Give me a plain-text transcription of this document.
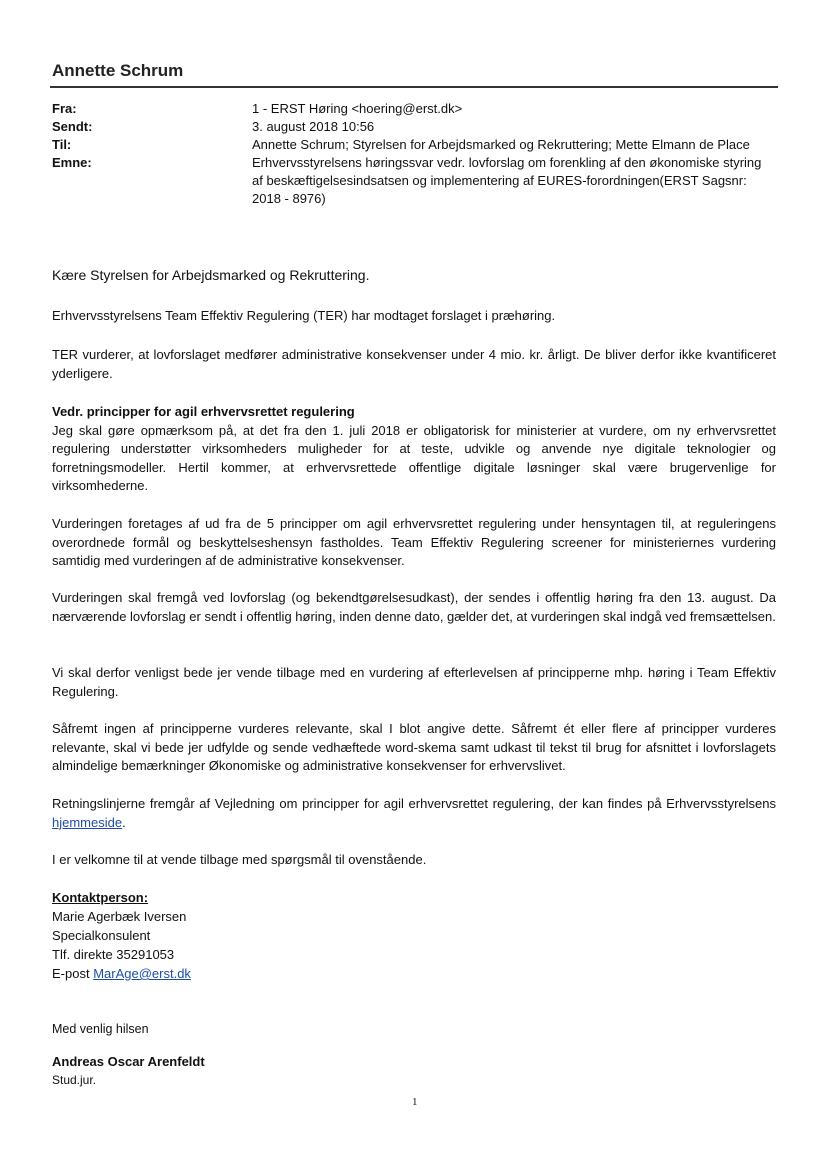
Annette Schrum
Fra:	1 - ERST Høring <hoering@erst.dk>
Sendt:	3. august 2018 10:56
Til:	Annette Schrum; Styrelsen for Arbejdsmarked og Rekruttering; Mette Elmann de Place
Emne:	Erhvervsstyrelsens høringssvar vedr. lovforslag om forenkling af den økonomiske styring af beskæftigelsesindsatsen og implementering af EURES-forordningen(ERST Sagsnr: 2018 - 8976)

Kære Styrelsen for Arbejdsmarked og Rekruttering.

Erhvervsstyrelsens Team Effektiv Regulering (TER) har modtaget forslaget i præhøring.

TER vurderer, at lovforslaget medfører administrative konsekvenser under 4 mio. kr. årligt. De bliver derfor ikke kvantificeret yderligere.

Vedr. principper for agil erhvervsrettet regulering

Jeg skal gøre opmærksom på, at det fra den 1. juli 2018 er obligatorisk for ministerier at vurdere, om ny erhvervsrettet regulering understøtter virksomheders muligheder for at teste, udvikle og anvende nye digitale teknologier og forretningsmodeller. Hertil kommer, at erhvervsrettede offentlige digitale løsninger skal være brugervenlige for virksomhederne.

Vurderingen foretages af ud fra de 5 principper om agil erhvervsrettet regulering under hensyntagen til, at reguleringens overordnede formål og beskyttelseshensyn fastholdes. Team Effektiv Regulering screener for ministeriernes vurdering samtidig med vurderingen af de administrative konsekvenser.

Vurderingen skal fremgå ved lovforslag (og bekendtgørelsesudkast), der sendes i offentlig høring fra den 13. august. Da nærværende lovforslag er sendt i offentlig høring, inden denne dato, gælder det, at vurderingen skal indgå ved fremsættelsen.

Vi skal derfor venligst bede jer vende tilbage med en vurdering af efterlevelsen af principperne mhp. høring i Team Effektiv Regulering.

Såfremt ingen af principperne vurderes relevante, skal I blot angive dette. Såfremt ét eller flere af principper vurderes relevante, skal vi bede jer udfylde og sende vedhæftede word-skema samt udkast til tekst til brug for afsnittet i lovforslagets almindelige bemærkninger Økonomiske og administrative konsekvenser for erhvervslivet.

Retningslinjerne fremgår af Vejledning om principper for agil erhvervsrettet regulering, der kan findes på Erhvervsstyrelsens hjemmeside.

I er velkomne til at vende tilbage med spørgsmål til ovenstående.

Kontaktperson:
Marie Agerbæk Iversen
Specialkonsulent
Tlf. direkte 35291053
E-post MarAge@erst.dk
Med venlig hilsen
Andreas Oscar Arenfeldt
Stud.jur.
1
